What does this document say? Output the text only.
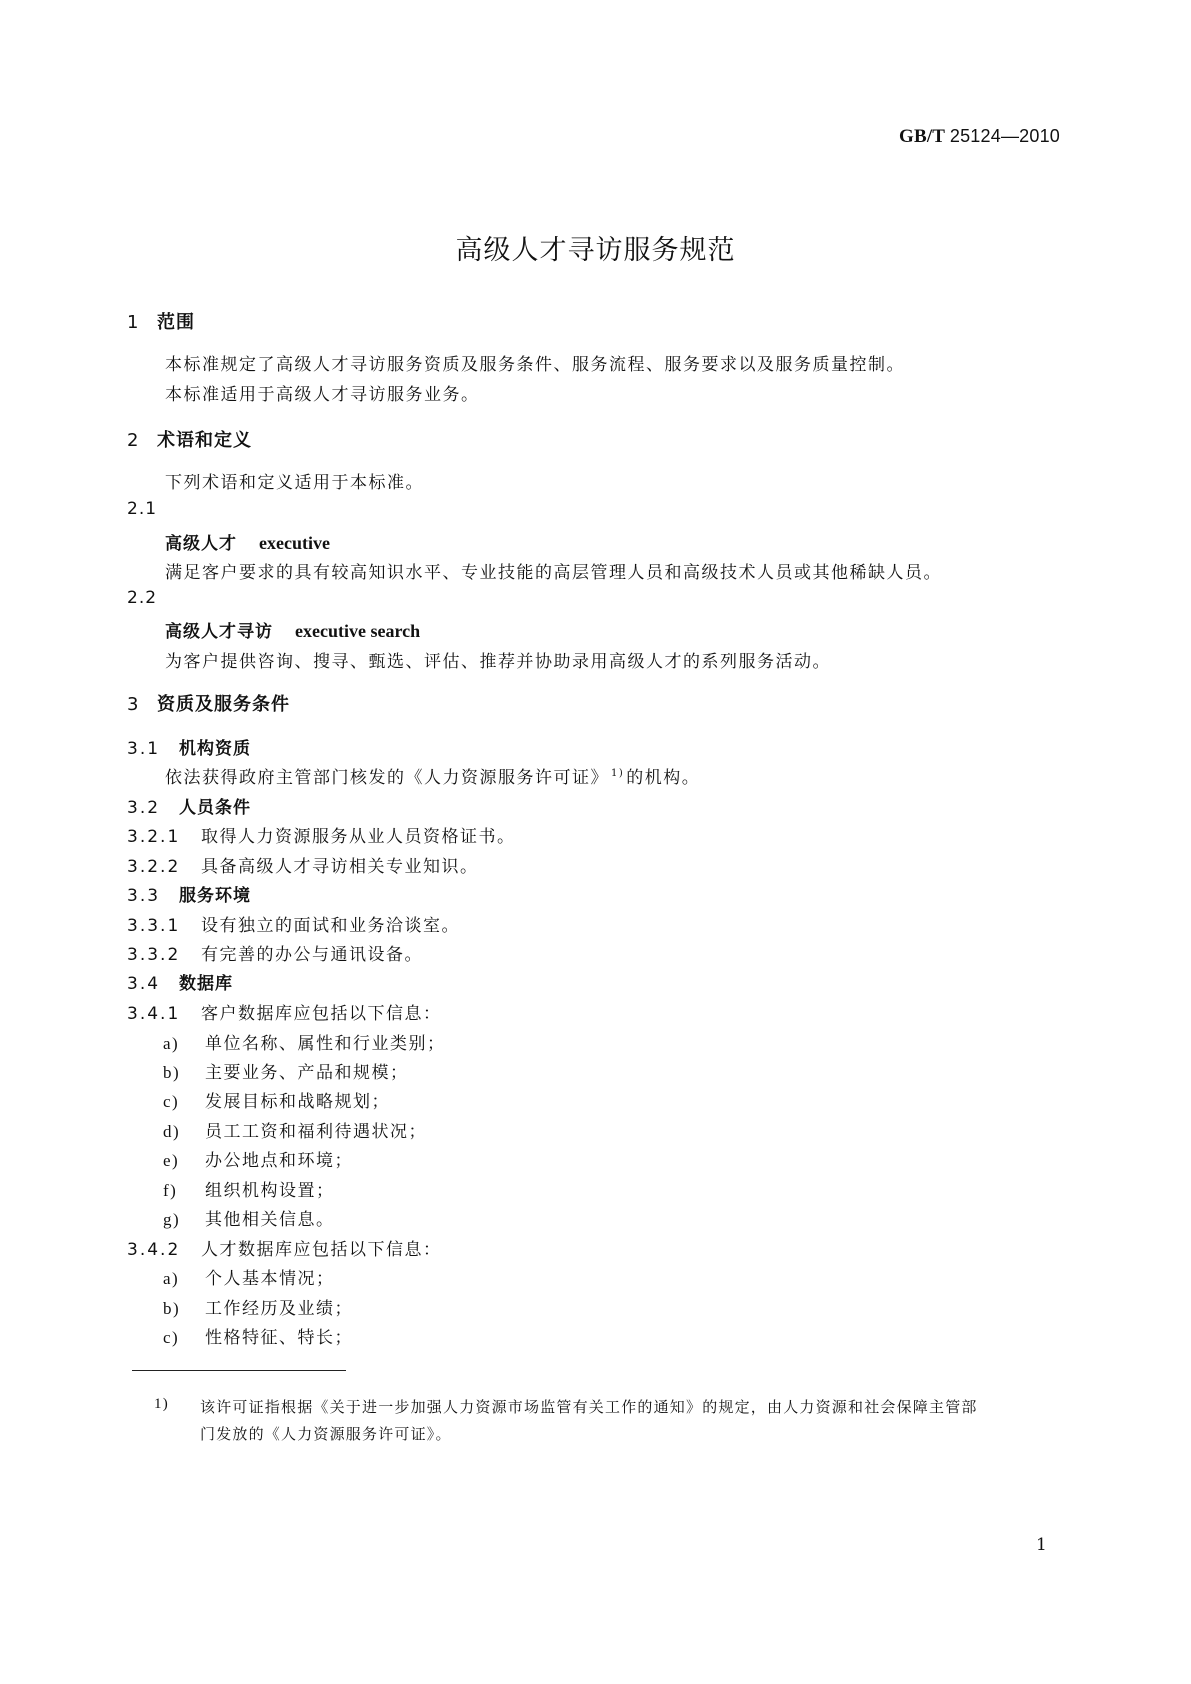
GB/T 25124—2010
高级人才寻访服务规范
1 范围
本标准规定了高级人才寻访服务资质及服务条件、服务流程、服务要求以及服务质量控制。
本标准适用于高级人才寻访服务业务。
2 术语和定义
下列术语和定义适用于本标准。
2.1
高级人才 executive
满足客户要求的具有较高知识水平、专业技能的高层管理人员和高级技术人员或其他稀缺人员。
2.2
高级人才寻访 executive search
为客户提供咨询、搜寻、甄选、评估、推荐并协助录用高级人才的系列服务活动。
3 资质及服务条件
3.1 机构资质
依法获得政府主管部门核发的《人力资源服务许可证》 $^{1)}$ 的机构。
3.2 人员条件
3.2.1 取得人力资源服务从业人员资格证书。
3.2.2 具备高级人才寻访相关专业知识。
3.3 服务环境
3.3.1 设有独立的面试和业务洽谈室。
3.3.2 有完善的办公与通讯设备。
3.4 数据库
3.4.1 客户数据库应包括以下信息：
a) 单位名称、属性和行业类别；
b) 主要业务、产品和规模；
c) 发展目标和战略规划；
d) 员工工资和福利待遇状况；
e) 办公地点和环境；
f) 组织机构设置；
g) 其他相关信息。
3.4.2 人才数据库应包括以下信息：
a) 个人基本情况；
b) 工作经历及业绩；
c) 性格特征、特长；
1) 该许可证指根据《关于进一步加强人力资源市场监管有关工作的通知》的规定，由人力资源和社会保障主管部
门发放的《人力资源服务许可证》。
1
